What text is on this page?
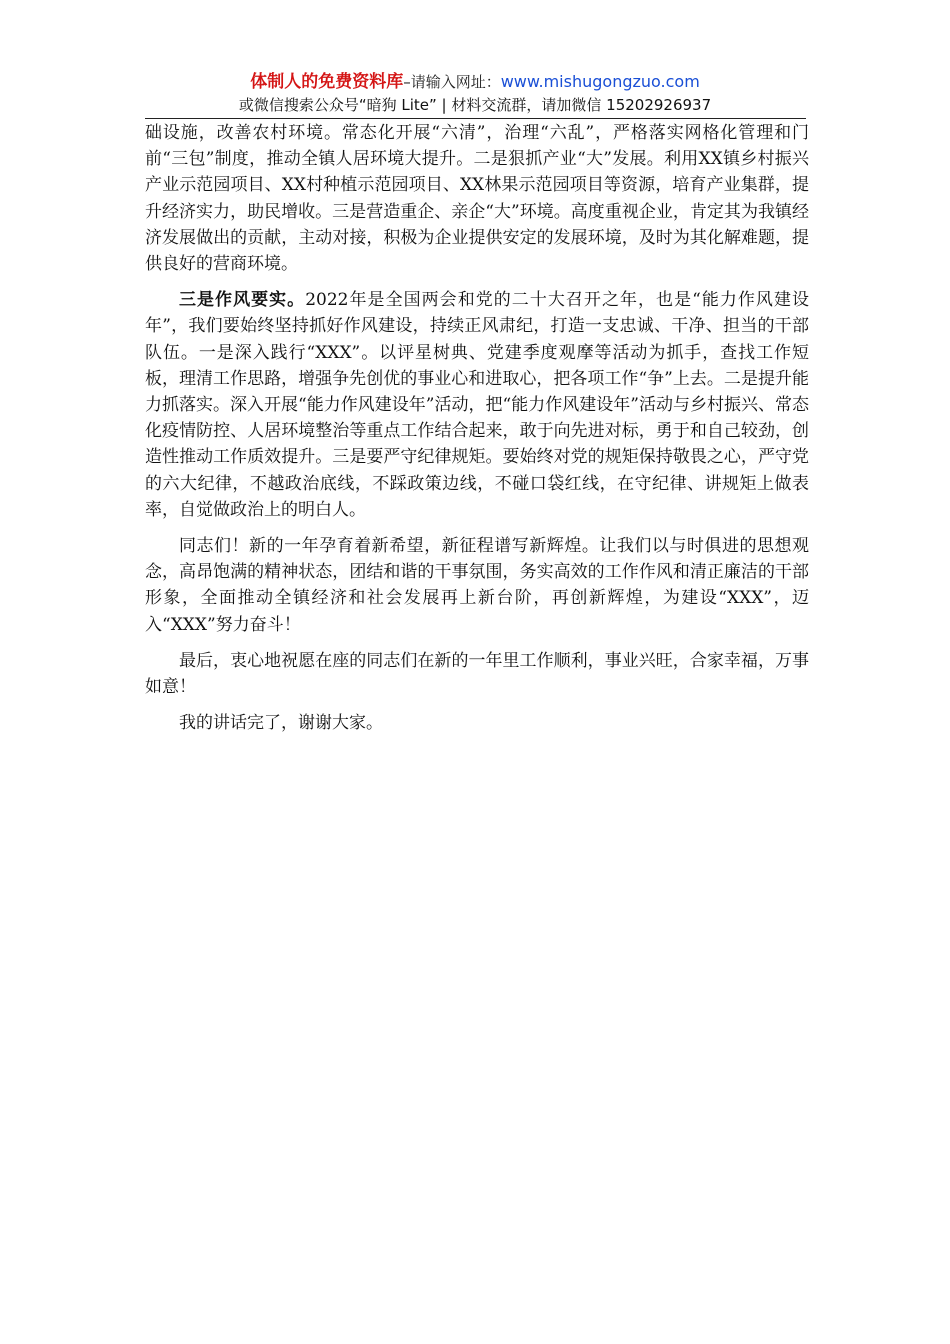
体制人的免费资料库–请输入网址：www.mishugongzuo.com
或微信搜索公众号“暗狗 Lite” | 材料交流群，请加微信 15202926937

础设施，改善农村环境。常态化开展“六清”，治理“六乱”，严格落实网格化管理和门前“三包”制度，推动全镇人居环境大提升。二是狠抓产业“大”发展。利用XX镇乡村振兴产业示范园项目、XX村种植示范园项目、XX林果示范园项目等资源，培育产业集群，提升经济实力，助民增收。三是营造重企、亲企“大”环境。高度重视企业，肯定其为我镇经济发展做出的贡献，主动对接，积极为企业提供安定的发展环境，及时为其化解难题，提供良好的营商环境。

三是作风要实。2022年是全国两会和党的二十大召开之年，也是“能力作风建设年”，我们要始终坚持抓好作风建设，持续正风肃纪，打造一支忠诚、干净、担当的干部队伍。一是深入践行“XXX”。以评星树典、党建季度观摩等活动为抓手，查找工作短板，理清工作思路，增强争先创优的事业心和进取心，把各项工作“争”上去。二是提升能力抓落实。深入开展“能力作风建设年”活动，把“能力作风建设年”活动与乡村振兴、常态化疫情防控、人居环境整治等重点工作结合起来，敢于向先进对标，勇于和自己较劲，创造性推动工作质效提升。三是要严守纪律规矩。要始终对党的规矩保持敬畏之心，严守党的六大纪律，不越政治底线，不踩政策边线，不碰口袋红线，在守纪律、讲规矩上做表率，自觉做政治上的明白人。

同志们！新的一年孕育着新希望，新征程谱写新辉煌。让我们以与时俱进的思想观念，高昂饱满的精神状态，团结和谐的干事氛围，务实高效的工作作风和清正廉洁的干部形象，全面推动全镇经济和社会发展再上新台阶，再创新辉煌，为建设“XXX”，迈入“XXX”努力奋斗！

最后，衷心地祝愿在座的同志们在新的一年里工作顺利，事业兴旺，合家幸福，万事如意！

我的讲话完了，谢谢大家。
